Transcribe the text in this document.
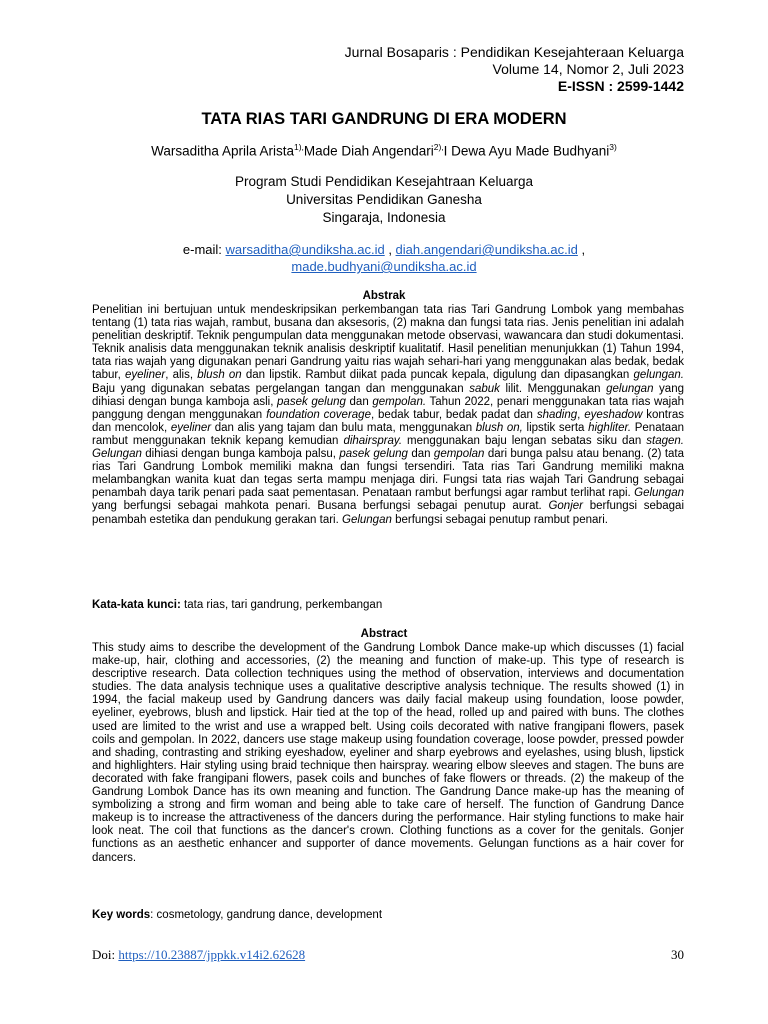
Jurnal Bosaparis : Pendidikan Kesejahteraan Keluarga
Volume 14, Nomor 2, Juli 2023
E-ISSN : 2599-1442
TATA RIAS TARI GANDRUNG DI ERA MODERN
Warsaditha Aprila Arista$^{1),}$Made Diah Angendari$^{2),}$I Dewa Ayu Made Budhyani$^{3)}$
Program Studi Pendidikan Kesejahtraan Keluarga
Universitas Pendidikan Ganesha
Singaraja, Indonesia
e-mail: warsaditha@undiksha.ac.id , diah.angendari@undiksha.ac.id ,
made.budhyani@undiksha.ac.id
Abstrak
Penelitian ini bertujuan untuk mendeskripsikan perkembangan tata rias Tari Gandrung Lombok yang membahas tentang (1) tata rias wajah, rambut, busana dan aksesoris, (2) makna dan fungsi tata rias. Jenis penelitian ini adalah penelitian deskriptif. Teknik pengumpulan data menggunakan metode observasi, wawancara dan studi dokumentasi. Teknik analisis data menggunakan teknik analisis deskriptif kualitatif. Hasil penelitian menunjukkan (1) Tahun 1994, tata rias wajah yang digunakan penari Gandrung yaitu rias wajah sehari-hari yang menggunakan alas bedak, bedak tabur, eyeliner, alis, blush on dan lipstik. Rambut diikat pada puncak kepala, digulung dan dipasangkan gelungan. Baju yang digunakan sebatas pergelangan tangan dan menggunakan sabuk lilit. Menggunakan gelungan yang dihiasi dengan bunga kamboja asli, pasek gelung dan gempolan. Tahun 2022, penari menggunakan tata rias wajah panggung dengan menggunakan foundation coverage, bedak tabur, bedak padat dan shading, eyeshadow kontras dan mencolok, eyeliner dan alis yang tajam dan bulu mata, menggunakan blush on, lipstik serta highliter. Penataan rambut menggunakan teknik kepang kemudian dihairspray. menggunakan baju lengan sebatas siku dan stagen. Gelungan dihiasi dengan bunga kamboja palsu, pasek gelung dan gempolan dari bunga palsu atau benang. (2) tata rias Tari Gandrung Lombok memiliki makna dan fungsi tersendiri. Tata rias Tari Gandrung memiliki makna melambangkan wanita kuat dan tegas serta mampu menjaga diri. Fungsi tata rias wajah Tari Gandrung sebagai penambah daya tarik penari pada saat pementasan. Penataan rambut berfungsi agar rambut terlihat rapi. Gelungan yang berfungsi sebagai mahkota penari. Busana berfungsi sebagai penutup aurat. Gonjer berfungsi sebagai penambah estetika dan pendukung gerakan tari. Gelungan berfungsi sebagai penutup rambut penari.
Kata-kata kunci: tata rias, tari gandrung, perkembangan
Abstract
This study aims to describe the development of the Gandrung Lombok Dance make-up which discusses (1) facial make-up, hair, clothing and accessories, (2) the meaning and function of make-up. This type of research is descriptive research. Data collection techniques using the method of observation, interviews and documentation studies. The data analysis technique uses a qualitative descriptive analysis technique. The results showed (1) in 1994, the facial makeup used by Gandrung dancers was daily facial makeup using foundation, loose powder, eyeliner, eyebrows, blush and lipstick. Hair tied at the top of the head, rolled up and paired with buns. The clothes used are limited to the wrist and use a wrapped belt. Using coils decorated with native frangipani flowers, pasek coils and gempolan. In 2022, dancers use stage makeup using foundation coverage, loose powder, pressed powder and shading, contrasting and striking eyeshadow, eyeliner and sharp eyebrows and eyelashes, using blush, lipstick and highlighters. Hair styling using braid technique then hairspray. wearing elbow sleeves and stagen. The buns are decorated with fake frangipani flowers, pasek coils and bunches of fake flowers or threads. (2) the makeup of the Gandrung Lombok Dance has its own meaning and function. The Gandrung Dance make-up has the meaning of symbolizing a strong and firm woman and being able to take care of herself. The function of Gandrung Dance makeup is to increase the attractiveness of the dancers during the performance. Hair styling functions to make hair look neat. The coil that functions as the dancer's crown. Clothing functions as a cover for the genitals. Gonjer functions as an aesthetic enhancer and supporter of dance movements. Gelungan functions as a hair cover for dancers.
Key words: cosmetology, gandrung dance, development
Doi: https://10.23887/jppkk.v14i2.62628	30
